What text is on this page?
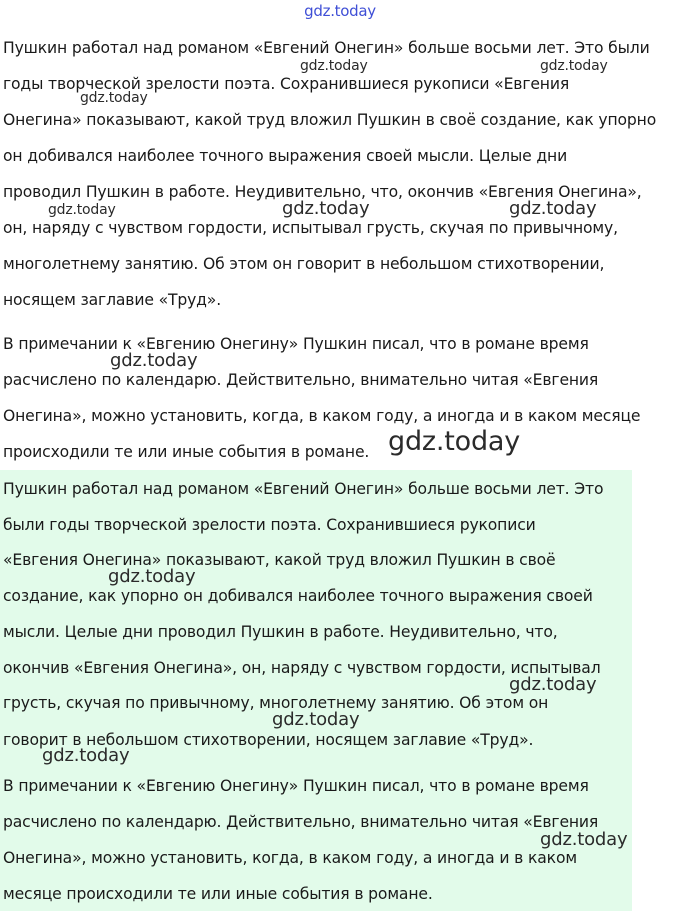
gdz.today
Пушкин работал над романом «Евгений Онегин» больше восьми лет. Это были
годы творческой зрелости поэта. Сохранившиеся рукописи «Евгения
Онегина» показывают, какой труд вложил Пушкин в своё создание, как упорно
он добивался наиболее точного выражения своей мысли. Целые дни
проводил Пушкин в работе. Неудивительно, что, окончив «Евгения Онегина»,
он, наряду с чувством гордости, испытывал грусть, скучая по привычному,
многолетнему занятию. Об этом он говорит в небольшом стихотворении,
носящем заглавие «Труд».
В примечании к «Евгению Онегину» Пушкин писал, что в романе время
расчислено по календарю. Действительно, внимательно читая «Евгения
Онегина», можно установить, когда, в каком году, а иногда и в каком месяце
происходили те или иные события в романе.
Пушкин работал над романом «Евгений Онегин» больше восьми лет. Это
были годы творческой зрелости поэта. Сохранившиеся рукописи
«Евгения Онегина» показывают, какой труд вложил Пушкин в своё
создание, как упорно он добивался наиболее точного выражения своей
мысли. Целые дни проводил Пушкин в работе. Неудивительно, что,
окончив «Евгения Онегина», он, наряду с чувством гордости, испытывал
грусть, скучая по привычному, многолетнему занятию. Об этом он
говорит в небольшом стихотворении, носящем заглавие «Труд».
В примечании к «Евгению Онегину» Пушкин писал, что в романе время
расчислено по календарю. Действительно, внимательно читая «Евгения
Онегина», можно установить, когда, в каком году, а иногда и в каком
месяце происходили те или иные события в романе.
gdz.today	gdz.today
gdz.today
gdz.today	gdz.today	gdz.today
gdz.today
gdz.today
gdz.today
gdz.today
gdz.today
gdz.today
gdz.today
